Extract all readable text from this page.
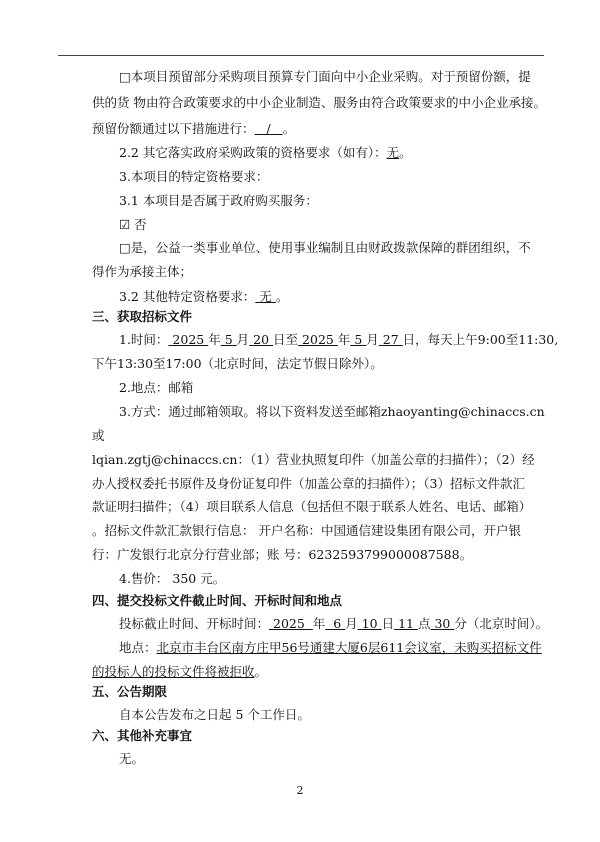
□本项目预留部分采购项目预算专门面向中小企业采购。对于预留份额，提
供的货 物由符合政策要求的中小企业制造、服务由符合政策要求的中小企业承接。
预留份额通过以下措施进行： / 。
2.2 其它落实政府采购政策的资格要求（如有）：无。
3.本项目的特定资格要求：
3.1 本项目是否属于政府购买服务：
☑ 否
□是，公益一类事业单位、使用事业编制且由财政拨款保障的群团组织，不
得作为承接主体；
3.2 其他特定资格要求： 无 。
三、获取招标文件
1.时间： 2025 年 5 月 20 日至 2025 年 5 月 27 日，每天上午9:00至11:30,
下午13:30至17:00（北京时间，法定节假日除外）。
2.地点：邮箱
3.方式：通过邮箱领取。将以下资料发送至邮箱zhaoyanting@chinaccs.cn
或
lqian.zgtj@chinaccs.cn：（1）营业执照复印件（加盖公章的扫描件）；（2）经
办人授权委托书原件及身份证复印件（加盖公章的扫描件）；（3）招标文件款汇
款证明扫描件；（4）项目联系人信息（包括但不限于联系人姓名、电话、邮箱）
。招标文件款汇款银行信息： 开户名称：中国通信建设集团有限公司，开户银
行：广发银行北京分行营业部；账 号：6232593799000087588。
4.售价： 350 元。
四、提交投标文件截止时间、开标时间和地点
投标截止时间、开标时间： 2025 年 6 月 10 日 11 点 30 分（北京时间）。
地点：北京市丰台区南方庄甲56号通建大厦6层611会议室，未购买招标文件
的投标人的投标文件将被拒收。
五、公告期限
自本公告发布之日起 5 个工作日。
六、其他补充事宜
无。
2
